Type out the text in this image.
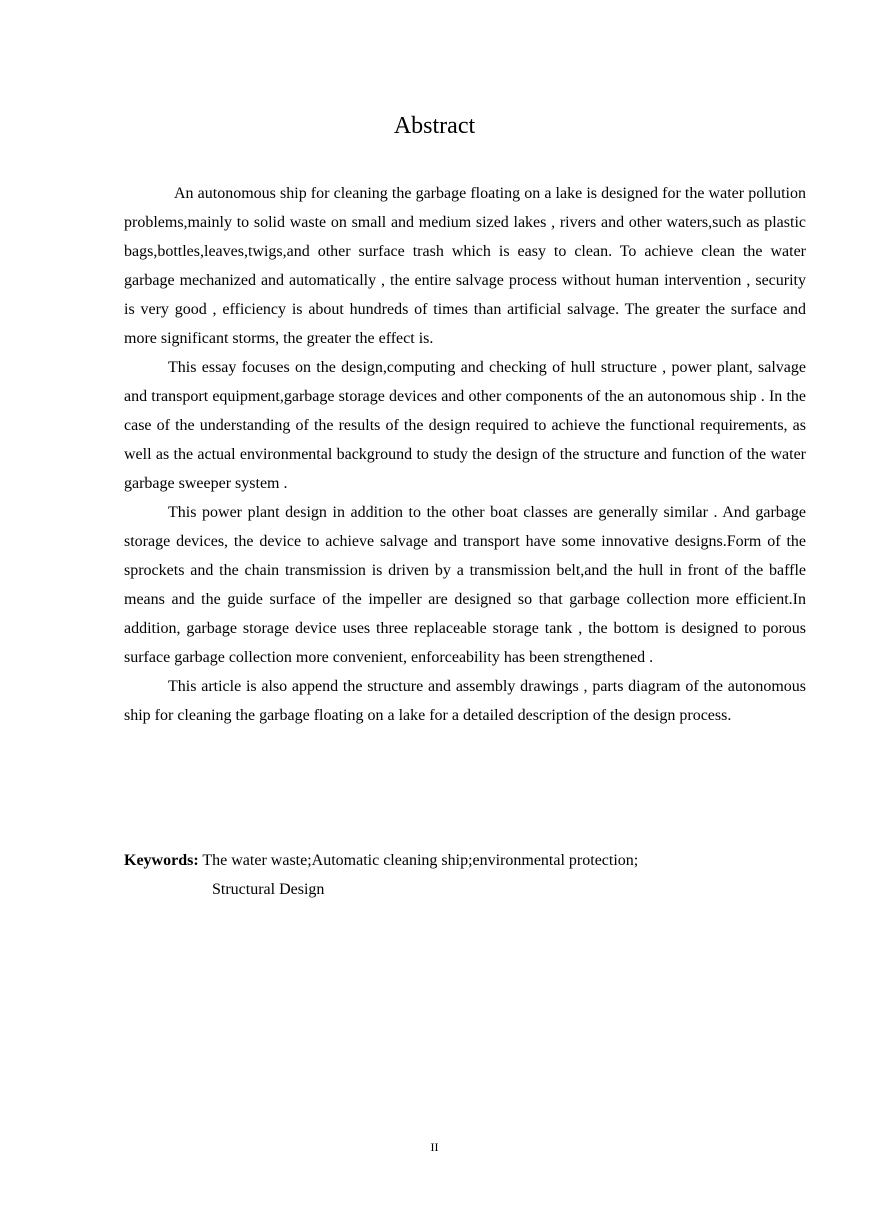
Abstract

An autonomous ship for cleaning the garbage floating on a lake is designed for the water pollution problems,mainly to solid waste on small and medium sized lakes , rivers and other waters,such as plastic bags,bottles,leaves,twigs,and other surface trash which is easy to clean. To achieve clean the water garbage mechanized and automatically , the entire salvage process without human intervention , security is very good , efficiency is about hundreds of times than artificial salvage. The greater the surface and more significant storms, the greater the effect is.

This essay focuses on the design,computing and checking of hull structure , power plant, salvage and transport equipment,garbage storage devices and other components of the an autonomous ship . In the case of the understanding of the results of the design required to achieve the functional requirements, as well as the actual environmental background to study the design of the structure and function of the water garbage sweeper system .

This power plant design in addition to the other boat classes are generally similar . And garbage storage devices, the device to achieve salvage and transport have some innovative designs.Form of the sprockets and the chain transmission is driven by a transmission belt,and the hull in front of the baffle means and the guide surface of the impeller are designed so that garbage collection more efficient.In addition, garbage storage device uses three replaceable storage tank , the bottom is designed to porous surface garbage collection more convenient, enforceability has been strengthened .

This article is also append the structure and assembly drawings , parts diagram of the autonomous ship for cleaning the garbage floating on a lake for a detailed description of the design process.

Keywords: The water waste;Automatic cleaning ship;environmental protection;

Structural Design

II
